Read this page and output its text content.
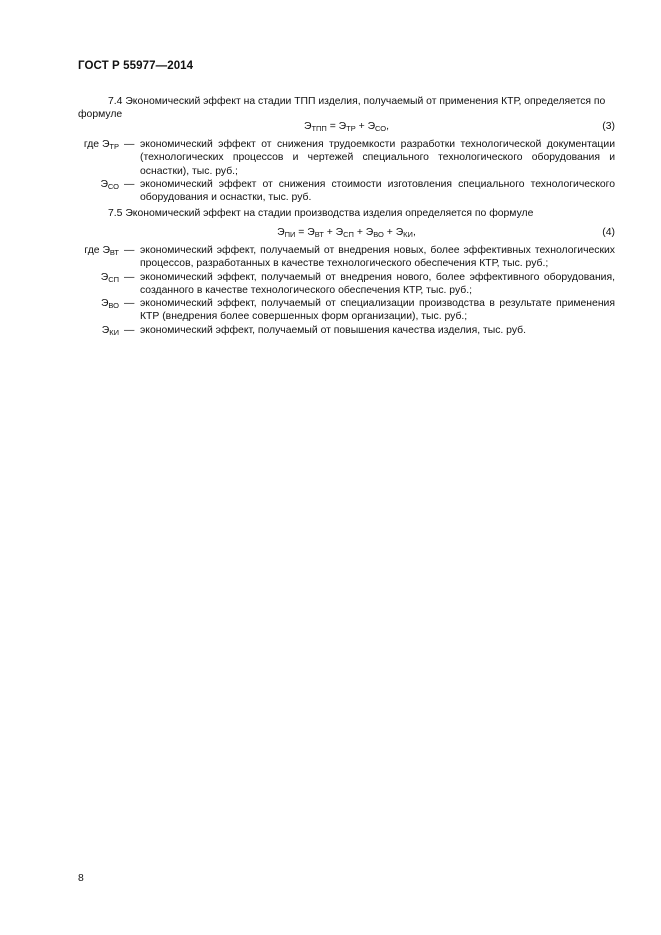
ГОСТ Р 55977—2014
7.4 Экономический эффект на стадии ТПП изделия, получаемый от применения КТР, определяется по формуле
$Э_{ТПП} = Э_{ТР} + Э_{СО}$,	(3)
где $Э_{ТР}$	—	экономический эффект от снижения трудоемкости разработки технологической документации (технологических процессов и чертежей специального технологического оборудования и оснастки), тыс. руб.;
$Э_{СО}$	—	экономический эффект от снижения стоимости изготовления специального технологического оборудования и оснастки, тыс. руб.
7.5 Экономический эффект на стадии производства изделия определяется по формуле
$Э_{ПИ} = Э_{ВТ} + Э_{СП} + Э_{ВО} + Э_{КИ}$,	(4)
где $Э_{ВТ}$	—	экономический эффект, получаемый от внедрения новых, более эффективных технологических процессов, разработанных в качестве технологического обеспечения КТР, тыс. руб.;
$Э_{СП}$	—	экономический эффект, получаемый от внедрения нового, более эффективного оборудования, созданного в качестве технологического обеспечения КТР, тыс. руб.;
$Э_{ВО}$	—	экономический эффект, получаемый от специализации производства в результате применения КТР (внедрения более совершенных форм организации), тыс. руб.;
$Э_{КИ}$	—	экономический эффект, получаемый от повышения качества изделия, тыс. руб.
8
